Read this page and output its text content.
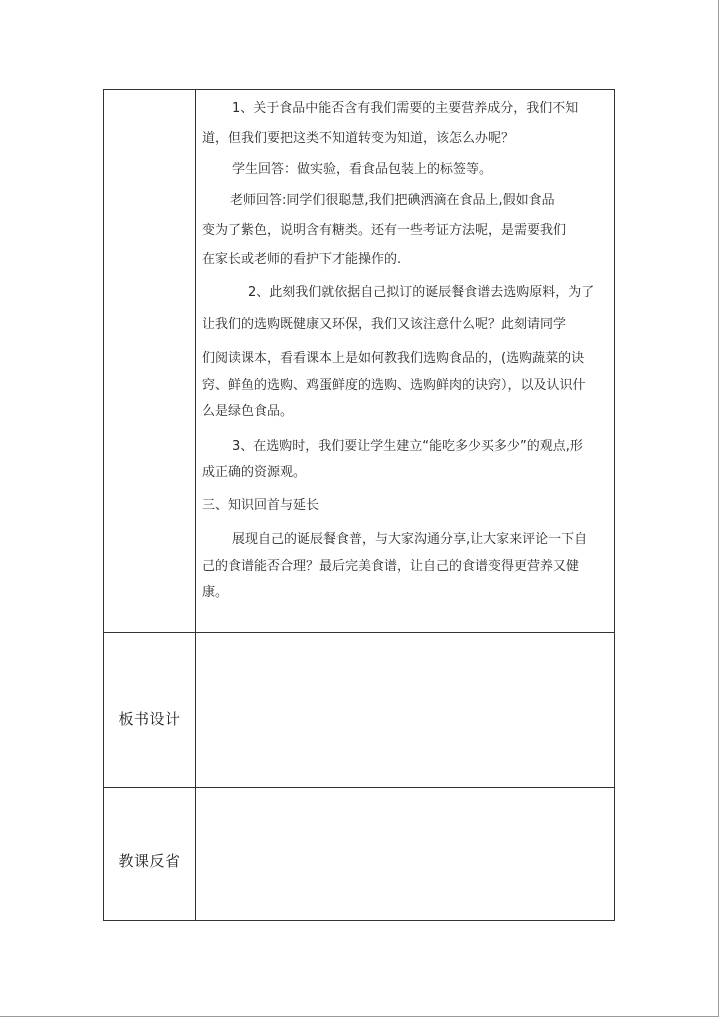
板书设计
教课反省
1、关于食品中能否含有我们需要的主要营养成分，我们不知
道，但我们要把这类不知道转变为知道，该怎么办呢？
学生回答：做实验，看食品包装上的标签等。
老师回答:同学们很聪慧,我们把碘洒滴在食品上,假如食品
变为了紫色，说明含有糖类。还有一些考证方法呢，是需要我们
在家长或老师的看护下才能操作的.
2、此刻我们就依据自己拟订的诞辰餐食谱去选购原料，为了
让我们的选购既健康又环保，我们又该注意什么呢？此刻请同学
们阅读课本，看看课本上是如何教我们选购食品的，(选购蔬菜的诀
窍、鲜鱼的选购、鸡蛋鲜度的选购、选购鲜肉的诀窍），以及认识什
么是绿色食品。
3、在选购时，我们要让学生建立“能吃多少买多少”的观点,形
成正确的资源观。
三、知识回首与延长
展现自己的诞辰餐食普，与大家沟通分享,让大家来评论一下自
己的食谱能否合理？最后完美食谱，让自己的食谱变得更营养又健
康。
